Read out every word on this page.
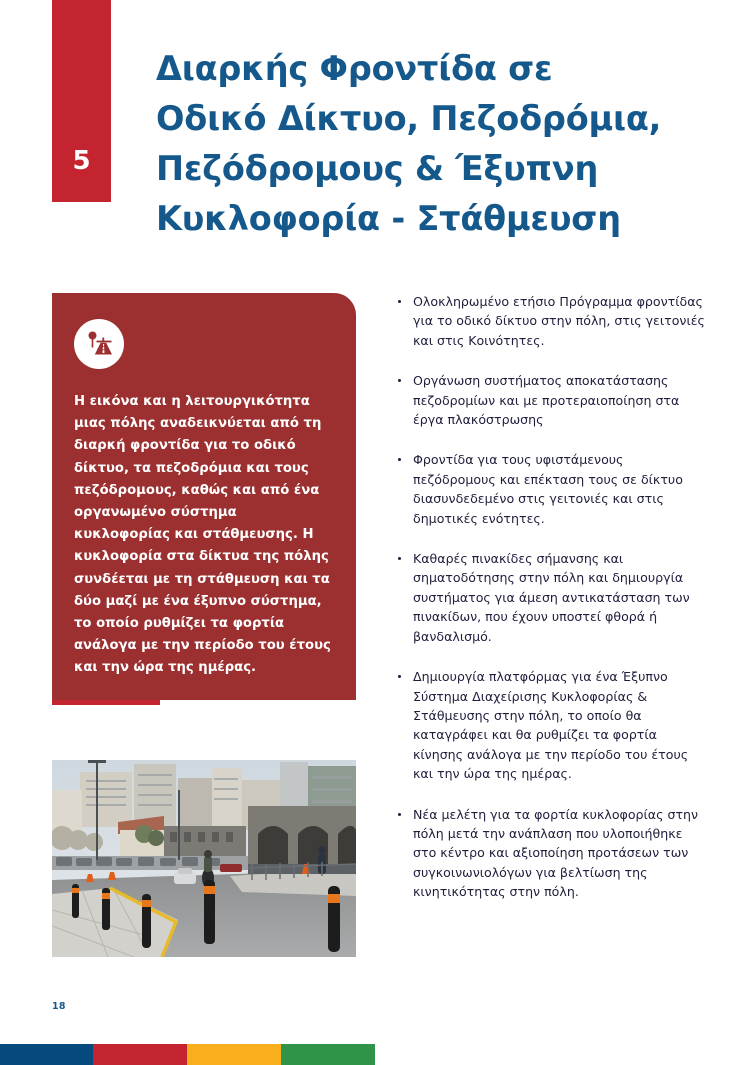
5
Διαρκής Φροντίδα σε
Οδικό Δίκτυο, Πεζοδρόμια,
Πεζόδρομους & Έξυπνη
Κυκλοφορία - Στάθμευση
Η εικόνα και η λειτουργικότητα μιας πόλης αναδεικνύεται από τη διαρκή φροντίδα για το οδικό δίκτυο, τα πεζοδρόμια και τους πεζόδρομους, καθώς και από ένα οργανωμένο σύστημα κυκλοφορίας και στάθμευσης. Η κυκλοφορία στα δίκτυα της πόλης συνδέεται με τη στάθμευση και τα δύο μαζί με ένα έξυπνο σύστημα, το οποίο ρυθμίζει τα φορτία ανάλογα με την περίοδο του έτους και την ώρα της ημέρας.
Ολοκληρωμένο ετήσιο Πρόγραμμα φροντίδας για το οδικό δίκτυο στην πόλη, στις γειτονιές και στις Κοινότητες.
Οργάνωση συστήματος αποκατάστασης πεζοδρομίων και με προτεραιοποίηση στα έργα πλακόστρωσης
Φροντίδα για τους υφιστάμενους πεζόδρομους και επέκταση τους σε δίκτυο διασυνδεδεμένο στις γειτονιές και στις δημοτικές ενότητες.
Καθαρές πινακίδες σήμανσης και σηματοδότησης στην πόλη και δημιουργία συστήματος για άμεση αντικατάσταση των πινακίδων, που έχουν υποστεί φθορά ή βανδαλισμό.
Δημιουργία πλατφόρμας για ένα Έξυπνο Σύστημα Διαχείρισης Κυκλοφορίας & Στάθμευσης στην πόλη, το οποίο θα καταγράφει και θα ρυθμίζει τα φορτία κίνησης ανάλογα με την περίοδο του έτους και την ώρα της ημέρας.
Νέα μελέτη για τα φορτία κυκλοφορίας στην πόλη μετά την ανάπλαση που υλοποιήθηκε στο κέντρο και αξιοποίηση προτάσεων των συγκοινωνιολόγων για βελτίωση της κινητικότητας στην πόλη.
18
